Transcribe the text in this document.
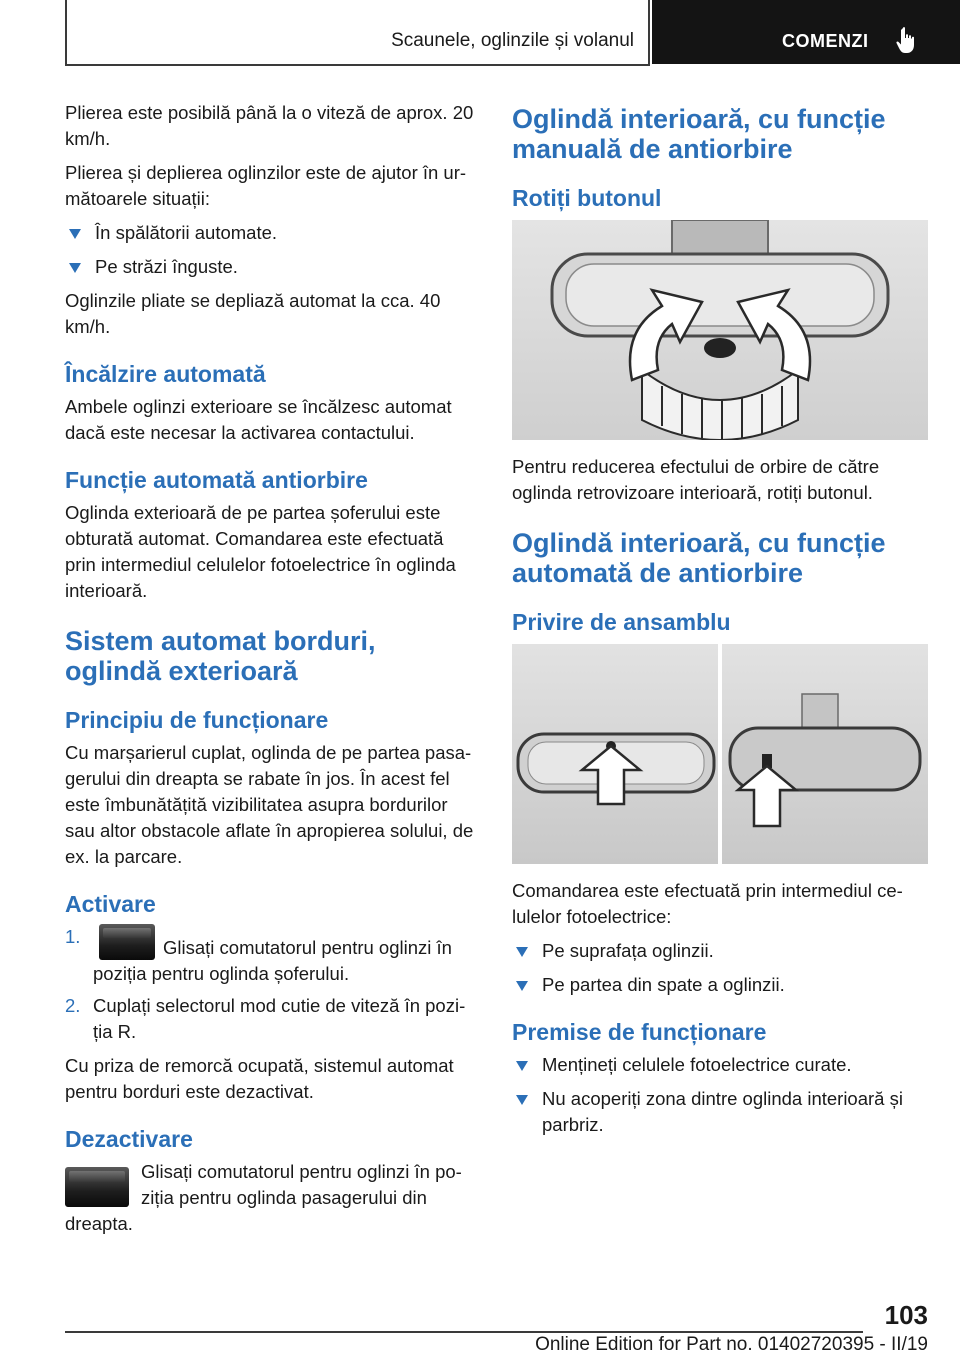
Scaunele, oglinzile și volanul	COMENZI

Plierea este posibilă până la o viteză de aprox. 20 km/h.

Plierea și deplierea oglinzilor este de ajutor în următoarele situații:

În spălătorii automate.
Pe străzi înguste.

Oglinzile pliate se depliază automat la cca. 40 km/h.

Încălzire automată

Ambele oglinzi exterioare se încălzesc automat dacă este necesar la activarea contactului.

Funcție automată antiorbire

Oglinda exterioară de pe partea șoferului este obturată automat. Comandarea este efectuată prin intermediul celulelor fotoelectrice în oglinda interioară.

Sistem automat borduri, oglindă exterioară
Principiu de funcționare

Cu marșarierul cuplat, oglinda de pe partea pasagerului din dreapta se rabate în jos. În acest fel este îmbunătățită vizibilitatea asupra bordurilor sau altor obstacole aflate în apropierea solului, de ex. la parcare.

Activare
1.
Glisați comutatorul pentru oglinzi în poziția pentru oglinda șoferului.
2. Cuplați selectorul mod cutie de viteză în poziția R.

Cu priza de remorcă ocupată, sistemul automat pentru borduri este dezactivat.

Dezactivare

Glisați comutatorul pentru oglinzi în poziția pentru oglinda pasagerului din dreapta.

Oglindă interioară, cu funcție manuală de antiorbire
Rotiți butonul

Pentru reducerea efectului de orbire de către oglinda retrovizoare interioară, rotiți butonul.

Oglindă interioară, cu funcție automată de antiorbire
Privire de ansamblu

Comandarea este efectuată prin intermediul celulelor fotoelectrice:

Pe suprafața oglinzii.
Pe partea din spate a oglinzii.
Premise de funcționare
Mențineți celulele fotoelectrice curate.
Nu acoperiți zona dintre oglinda interioară și parbriz.
103
Online Edition for Part no. 01402720395 - II/19
